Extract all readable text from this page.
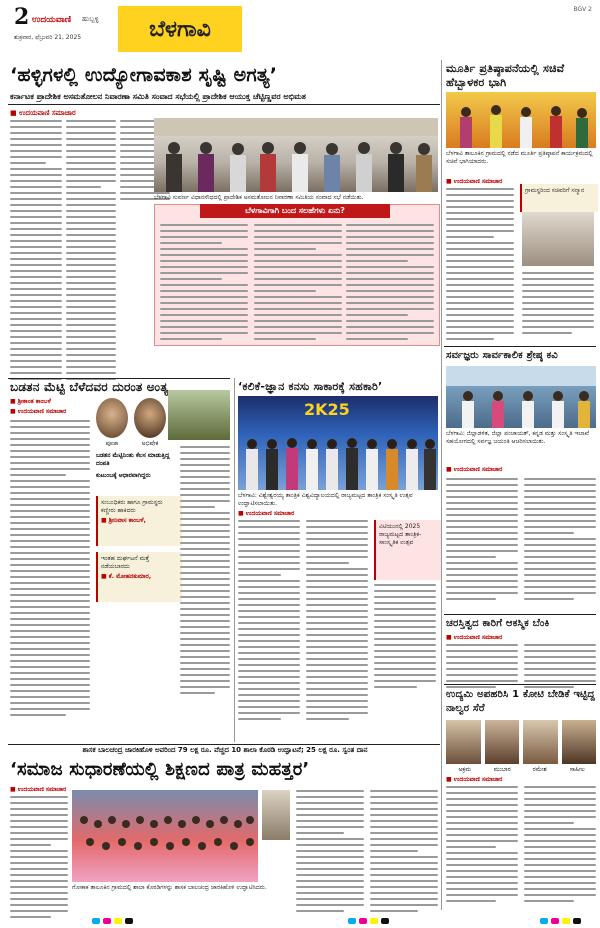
2 ಉದಯವಾಣಿ ಹುಬ್ಬಳ್ಳಿ
ಶುಕ್ರವಾರ, ಫೆಬ್ರುವರಿ 21, 2025	ಬೆಳಗಾವಿ
BGV 2
‘ಹಳ್ಳಿಗಳಲ್ಲಿ ಉದ್ಯೋಗಾವಕಾಶ ಸೃಷ್ಟಿ ಅಗತ್ಯ’
ಕರ್ನಾಟಕ ಪ್ರಾದೇಶಿಕ ಅಸಮತೋಲನ ನಿವಾರಣಾ ಸಮಿತಿ ಸಂವಾದ ಸಭೆಯಲ್ಲಿ ಪ್ರಾದೇಶಿಕ ಆಯುಕ್ತ ಚೆಟ್ಟಿಣ್ಣವರ ಅಭಿಮತ
■ ಉದಯವಾಣಿ ಸಮಾಚಾರ
ಬೆಳಗಾವಿ ಸುವರ್ಣ ವಿಧಾನಸೌಧದಲ್ಲಿ ಪ್ರಾದೇಶಿಕ ಅಸಮತೋಲನ ನಿವಾರಣಾ ಸಮಿತಿಯ ಸಂವಾದ ಸಭೆ ನಡೆಯಿತು.
ಬೆಳಗಾವಿಗಾಗಿ ಬಂದ ಸಲಹೆಗಳು ಏನು?
ಮೂರ್ತಿ ಪ್ರತಿಷ್ಠಾಪನೆಯಲ್ಲಿ ಸಚಿವೆ ಹೆಬ್ಬಾಳಕರ ಭಾಗಿ
ಬೆಳಗಾವಿ ತಾಲೂಕಿನ ಗ್ರಾಮದಲ್ಲಿ ನಡೆದ ಮೂರ್ತಿ ಪ್ರತಿಷ್ಠಾಪನೆ ಕಾರ್ಯಕ್ರಮದಲ್ಲಿ ಸಚಿವೆ ಭಾಗಿಯಾದರು.
■ ಉದಯವಾಣಿ ಸಮಾಚಾರ
ಗ್ರಾಮಸ್ಥರಿಂದ ಸಚಿವರಿಗೆ ಸನ್ಮಾನ
ಸರ್ವಜ್ಞರು ಸಾರ್ವಕಾಲಿಕ ಶ್ರೇಷ್ಠ ಕವಿ
ಬೆಳಗಾವಿ: ಜಿಲ್ಲಾಡಳಿತ, ಜಿಲ್ಲಾ ಪಂಚಾಯತ್, ಕನ್ನಡ ಮತ್ತು ಸಂಸ್ಕೃತಿ ಇಲಾಖೆ ಸಹಯೋಗದಲ್ಲಿ ಸರ್ವಜ್ಞ ಜಯಂತಿ ಆಚರಿಸಲಾಯಿತು.
■ ಉದಯವಾಣಿ ಸಮಾಚಾರ
ಚರಸ್ತಿತ್ವದ ಕಾರಿಗೆ ಆಕಸ್ಮಿಕ ಬೆಂಕಿ
■ ಉದಯವಾಣಿ ಸಮಾಚಾರ
ಉದ್ಯಮಿ ಅಪಹರಿಸಿ 1 ಕೋಟಿ ಬೇಡಿಕೆ ಇಟ್ಟಿದ್ದ ನಾಲ್ವರ ಸೆರೆ
ಅಕ್ರಮ	ಮುಬಾರ	ರಮೇಶ	ಸಾಹೀಲ
■ ಉದಯವಾಣಿ ಸಮಾಚಾರ
ಬಡತನ ಮೆಟ್ಟಿ ಬೆಳೆದವರ ದುರಂತ ಅಂತ್ಯ
■ ಶ್ರೀಕಾಂತ ಕಾಂಬಳೆ
■ ಉದಯವಾಣಿ ಸಮಾಚಾರ
ಪೂಜಾ	ಅಭಿಷೇಕ
ಬಡತನ ಮೆಟ್ಟಿನಿಂತು ಕೆಲಸ ಮಾಡುತ್ತಿದ್ದ ದಂಪತಿ
ಕುಟುಂಬಕ್ಕೆ ಆಧಾರವಾಗಿದ್ದರು
ಸಂಬಂಧಿಕರು ಹಾಗೂ ಗ್ರಾಮಸ್ಥರು ಕಣ್ಣೀರು ಹಾಕಿದರು
■ ಶ್ರೀನಿವಾಸ ಕಾಂಬಳೆ,
ಇಂತಹ ದುರ್ಘಟನೆ ಮತ್ತೆ ನಡೆಯಬಾರದು
■ ಕೆ. ಮೋಹನಕುಮಾರ,
‘ಕಲಿಕೆ-ಜ್ಞಾನ ಕನಸು ಸಾಕಾರಕ್ಕೆ ಸಹಕಾರಿ’
2K25
ಬೆಳಗಾವಿ: ವಿಶ್ವೇಶ್ವರಯ್ಯ ತಾಂತ್ರಿಕ ವಿಶ್ವವಿದ್ಯಾಲಯದಲ್ಲಿ ರಾಜ್ಯಮಟ್ಟದ ತಾಂತ್ರಿಕ ಸಂಸ್ಕೃತಿ ಉತ್ಸವ ಉದ್ಘಾಟಿಸಲಾಯಿತು.
■ ಉದಯವಾಣಿ ಸಮಾಚಾರ
ವಿಟಿಯುನಲ್ಲಿ 2025 ರಾಜ್ಯಮಟ್ಟದ ತಾಂತ್ರಿಕ-ಸಾಂಸ್ಕೃತಿಕ ಉತ್ಸವ
ಶಾಸಕ ಬಾಲಚಂದ್ರ ಜಾರಕಿಹೊಳಿ ಅವರಿಂದ 79 ಲಕ್ಷ ರೂ. ವೆಚ್ಚದ 10 ಶಾಲಾ ಕೊಠಡಿ ಉದ್ಘಾಟನೆ; 25 ಲಕ್ಷ ರೂ. ಸ್ವಂತ ದಾನ
‘ಸಮಾಜ ಸುಧಾರಣೆಯಲ್ಲಿ ಶಿಕ್ಷಣದ ಪಾತ್ರ ಮಹತ್ತರ’
■ ಉದಯವಾಣಿ ಸಮಾಚಾರ
ಗೋಕಾಕ ತಾಲೂಕಿನ ಗ್ರಾಮದಲ್ಲಿ ಶಾಲಾ ಕೊಠಡಿಗಳನ್ನು ಶಾಸಕ ಬಾಲಚಂದ್ರ ಜಾರಕಿಹೊಳಿ ಉದ್ಘಾಟಿಸಿದರು.
